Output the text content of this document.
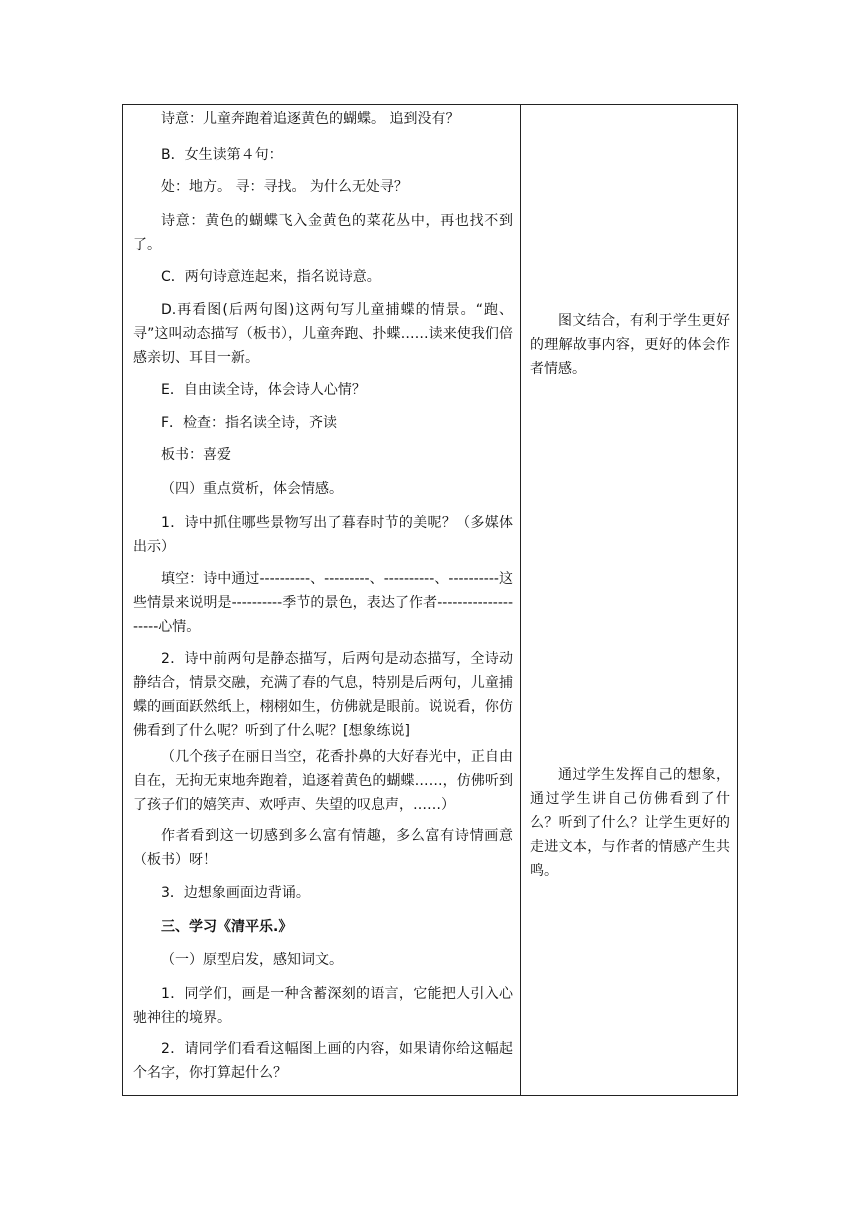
诗意：儿童奔跑着追逐黄色的蝴蝶。 追到没有？
B．女生读第４句：
处：地方。 寻：寻找。 为什么无处寻？
诗意：黄色的蝴蝶飞入金黄色的菜花丛中，再也找不到了。
C．两句诗意连起来，指名说诗意。
D.再看图(后两句图)这两句写儿童捕蝶的情景。“跑、寻”这叫动态描写（板书），儿童奔跑、扑蝶……读来使我们倍感亲切、耳目一新。
E．自由读全诗，体会诗人心情？
F．检查：指名读全诗，齐读
板书：喜爱
（四）重点赏析，体会情感。
1．诗中抓住哪些景物写出了暮春时节的美呢？（多媒体出示）
填空：诗中通过----------、---------、----------、----------这些情景来说明是----------季节的景色，表达了作者--------------------心情。
2．诗中前两句是静态描写，后两句是动态描写，全诗动静结合，情景交融，充满了春的气息，特别是后两句，儿童捕蝶的画面跃然纸上，栩栩如生，仿佛就是眼前。说说看，你仿佛看到了什么呢？听到了什么呢？[想象练说]
（几个孩子在丽日当空，花香扑鼻的大好春光中，正自由自在，无拘无束地奔跑着，追逐着黄色的蝴蝶……，仿佛听到了孩子们的嬉笑声、欢呼声、失望的叹息声，……）
作者看到这一切感到多么富有情趣，多么富有诗情画意（板书）呀！
3．边想象画面边背诵。
三、学习《清平乐.》
（一）原型启发，感知词文。
1．同学们，画是一种含蓄深刻的语言，它能把人引入心驰神往的境界。
2．请同学们看看这幅图上画的内容，如果请你给这幅起个名字，你打算起什么？
图文结合，有利于学生更好的理解故事内容，更好的体会作者情感。
通过学生发挥自己的想象，通过学生讲自己仿佛看到了什么？听到了什么？让学生更好的走进文本，与作者的情感产生共鸣。
